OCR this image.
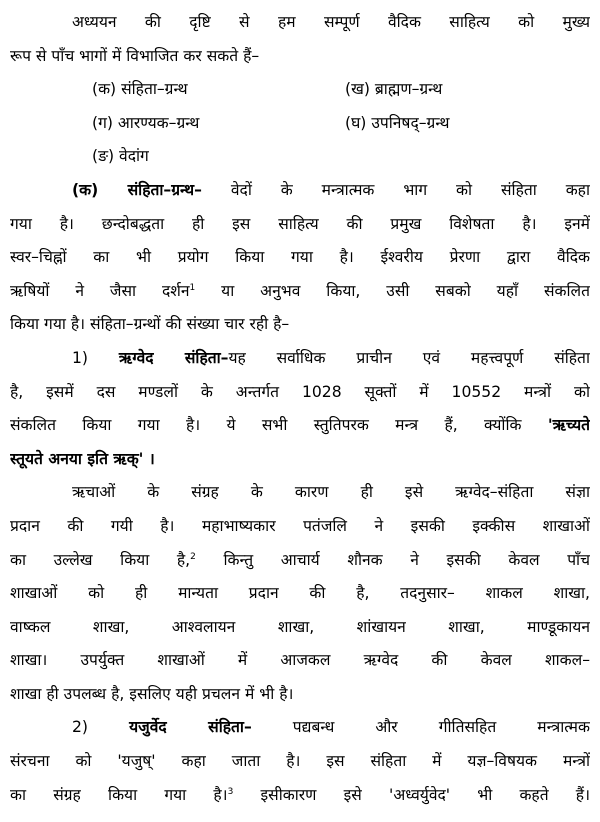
अध्ययन की दृष्टि से हम सम्पूर्ण वैदिक साहित्य को मुख्य
रूप से पाँच भागों में विभाजित कर सकते हैं–
(क) संहिता–ग्रन्थ	(ख) ब्राह्मण–ग्रन्थ
(ग) आरण्यक–ग्रन्थ	(घ) उपनिषद्–ग्रन्थ
(ङ) वेदांग
(क) संहिता–ग्रन्थ– वेदों के मन्त्रात्मक भाग को संहिता कहा
गया है। छन्दोबद्धता ही इस साहित्य की प्रमुख विशेषता है। इनमें
स्वर–चिह्नों का भी प्रयोग किया गया है। ईश्वरीय प्रेरणा द्वारा वैदिक
ऋषियों ने जैसा दर्शन$^1$ या अनुभव किया, उसी सबको यहाँ संकलित
किया गया है। संहिता–ग्रन्थों की संख्या चार रही है–
1) ऋग्वेद संहिता–यह सर्वाधिक प्राचीन एवं महत्त्वपूर्ण संहिता
है, इसमें दस मण्डलों के अन्तर्गत 1028 सूक्तों में 10552 मन्त्रों को
संकलित किया गया है। ये सभी स्तुतिपरक मन्त्र हैं, क्योंकि 'ऋच्यते
स्तूयते अनया इति ऋक्' ।
ऋचाओं के संग्रह के कारण ही इसे ऋग्वेद–संहिता संज्ञा
प्रदान की गयी है। महाभाष्यकार पतंजलि ने इसकी इक्कीस शाखाओं
का उल्लेख किया है,$^2$ किन्तु आचार्य शौनक ने इसकी केवल पाँच
शाखाओं को ही मान्यता प्रदान की है, तदनुसार– शाकल शाखा,
वाष्कल शाखा, आश्वलायन शाखा, शांखायन शाखा, माण्डूकायन
शाखा। उपर्युक्त शाखाओं में आजकल ऋग्वेद की केवल शाकल–
शाखा ही उपलब्ध है, इसलिए यही प्रचलन में भी है।
2)	यजुर्वेद संहिता– पद्यबन्ध और गीतिसहित मन्त्रात्मक
संरचना को 'यजुष्' कहा जाता है। इस संहिता में यज्ञ–विषयक मन्त्रों
का संग्रह किया गया है।$^3$ इसीकारण इसे 'अध्वर्युवेद' भी कहते हैं।
